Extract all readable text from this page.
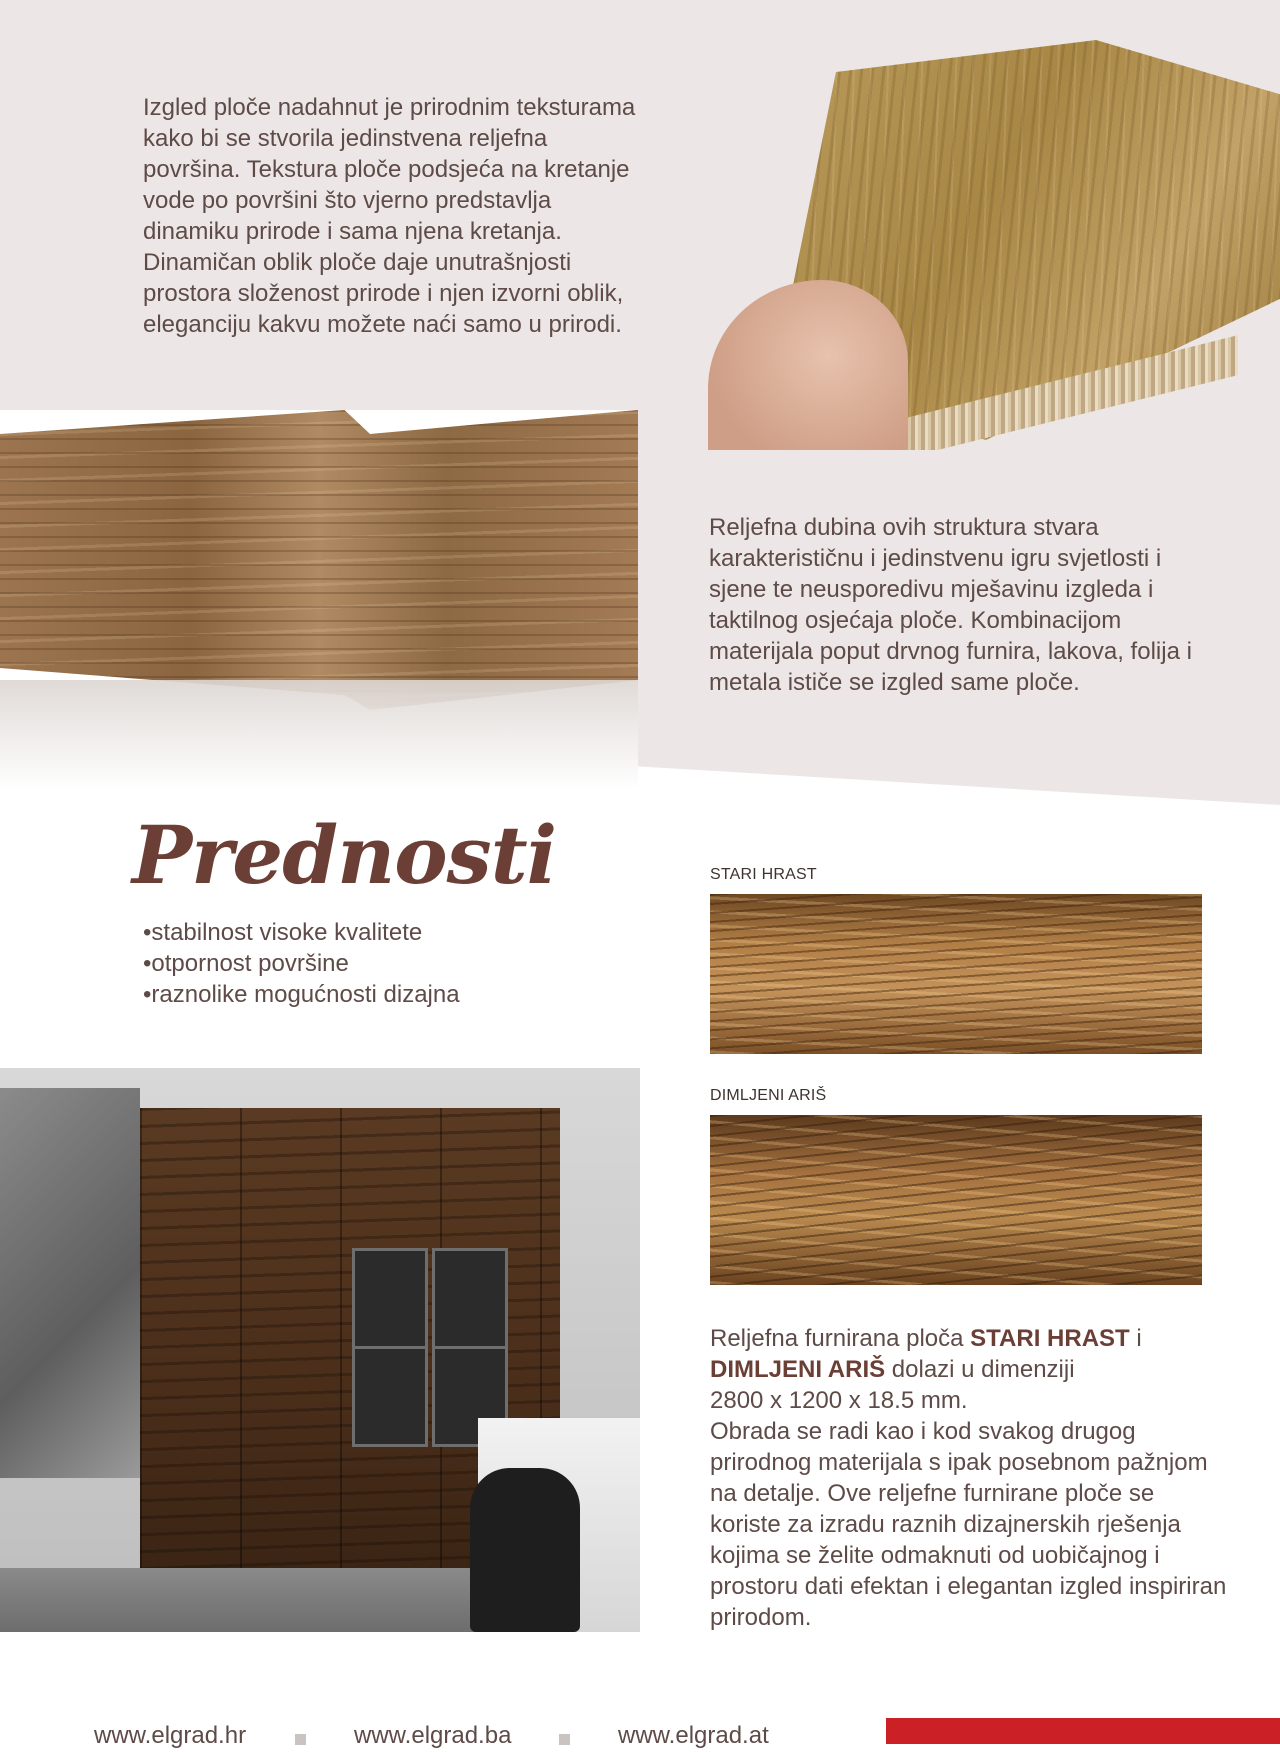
Izgled ploče nadahnut je prirodnim teksturama kako bi se stvorila jedinstvena reljefna površina. Tekstura ploče podsjeća na kretanje vode po površini što vjerno predstavlja dinamiku prirode i sama njena kretanja. Dinamičan oblik ploče daje unutrašnjosti prostora složenost prirode i njen izvorni oblik, eleganciju kakvu možete naći samo u prirodi.

Reljefna dubina ovih struktura stvara karakterističnu i jedinstvenu igru svjetlosti i sjene te neusporedivu mješavinu izgleda i taktilnog osjećaja ploče. Kombinacijom materijala poput drvnog furnira, lakova, folija i metala ističe se izgled same ploče.

Prednosti
• stabilnost visoke kvalitete
• otpornost površine
• raznolike mogućnosti dizajna
STARI HRAST
DIMLJENI ARIŠ

Reljefna furnirana ploča STARI HRAST i
DIMLJENI ARIŠ dolazi u dimenziji
2800 x 1200 x 18.5 mm.
Obrada se radi kao i kod svakog drugog prirodnog materijala s ipak posebnom pažnjom na detalje. Ove reljefne furnirane ploče se koriste za izradu raznih dizajnerskih rješenja kojima se želite odmaknuti od uobičajnog i prostoru dati efektan i elegantan izgled inspiriran prirodom.

www.elgrad.hr	www.elgrad.ba	www.elgrad.at
